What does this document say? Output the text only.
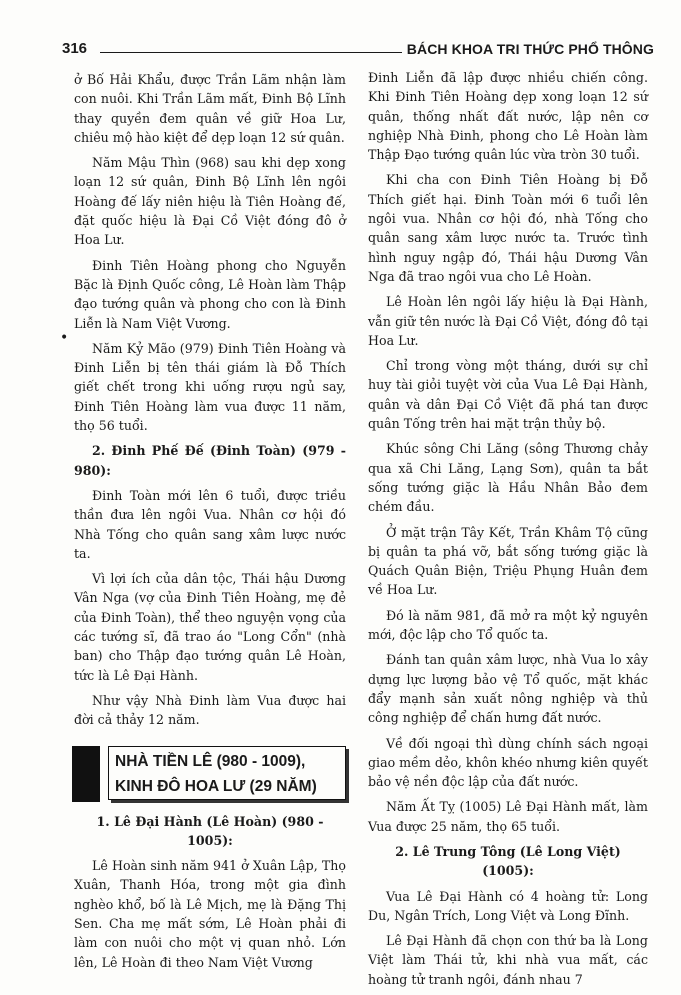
316	BÁCH KHOA TRI THỨC PHỔ THÔNG
•

ở Bố Hải Khẩu, được Trần Lãm nhận làm con nuôi. Khi Trần Lãm mất, Đinh Bộ Lĩnh thay quyền đem quân về giữ Hoa Lư, chiêu mộ hào kiệt để dẹp loạn 12 sứ quân.

Năm Mậu Thìn (968) sau khi dẹp xong loạn 12 sứ quân, Đinh Bộ Lĩnh lên ngôi Hoàng đế lấy niên hiệu là Tiên Hoàng đế, đặt quốc hiệu là Đại Cồ Việt đóng đô ở Hoa Lư.

Đinh Tiên Hoàng phong cho Nguyễn Bặc là Định Quốc công, Lê Hoàn làm Thập đạo tướng quân và phong cho con là Đinh Liễn là Nam Việt Vương.

Năm Kỷ Mão (979) Đinh Tiên Hoàng và Đinh Liễn bị tên thái giám là Đỗ Thích giết chết trong khi uống rượu ngủ say, Đinh Tiên Hoàng làm vua được 11 năm, thọ 56 tuổi.

2. Đinh Phế Đế (Đinh Toàn) (979 - 980):

Đinh Toàn mới lên 6 tuổi, được triều thần đưa lên ngôi Vua. Nhân cơ hội đó Nhà Tống cho quân sang xâm lược nước ta.

Vì lợi ích của dân tộc, Thái hậu Dương Vân Nga (vợ của Đinh Tiên Hoàng, mẹ đẻ của Đinh Toàn), thể theo nguyện vọng của các tướng sĩ, đã trao áo "Long Cổn" (nhà ban) cho Thập đạo tướng quân Lê Hoàn, tức là Lê Đại Hành.

Như vậy Nhà Đinh làm Vua được hai đời cả thảy 12 năm.

NHÀ TIỀN LÊ (980 - 1009),
KINH ĐÔ HOA LƯ (29 NĂM)

1. Lê Đại Hành (Lê Hoàn) (980 - 1005):

Lê Hoàn sinh năm 941 ở Xuân Lập, Thọ Xuân, Thanh Hóa, trong một gia đình nghèo khổ, bố là Lê Mịch, mẹ là Đặng Thị Sen. Cha mẹ mất sớm, Lê Hoàn phải đi làm con nuôi cho một vị quan nhỏ. Lớn lên, Lê Hoàn đi theo Nam Việt Vương

Đinh Liễn đã lập được nhiều chiến công. Khi Đinh Tiên Hoàng dẹp xong loạn 12 sứ quân, thống nhất đất nước, lập nên cơ nghiệp Nhà Đinh, phong cho Lê Hoàn làm Thập Đạo tướng quân lúc vừa tròn 30 tuổi.

Khi cha con Đinh Tiên Hoàng bị Đỗ Thích giết hại. Đinh Toàn mới 6 tuổi lên ngôi vua. Nhân cơ hội đó, nhà Tống cho quân sang xâm lược nước ta. Trước tình hình nguy ngập đó, Thái hậu Dương Vân Nga đã trao ngôi vua cho Lê Hoàn.

Lê Hoàn lên ngôi lấy hiệu là Đại Hành, vẫn giữ tên nước là Đại Cồ Việt, đóng đô tại Hoa Lư.

Chỉ trong vòng một tháng, dưới sự chỉ huy tài giỏi tuyệt vời của Vua Lê Đại Hành, quân và dân Đại Cồ Việt đã phá tan được quân Tống trên hai mặt trận thủy bộ.

Khúc sông Chi Lăng (sông Thương chảy qua xã Chi Lăng, Lạng Sơn), quân ta bắt sống tướng giặc là Hầu Nhân Bảo đem chém đầu.

Ở mặt trận Tây Kết, Trần Khâm Tộ cũng bị quân ta phá vỡ, bắt sống tướng giặc là Quách Quân Biện, Triệu Phụng Huân đem về Hoa Lư.

Đó là năm 981, đã mở ra một kỷ nguyên mới, độc lập cho Tổ quốc ta.

Đánh tan quân xâm lược, nhà Vua lo xây dựng lực lượng bảo vệ Tổ quốc, mặt khác đẩy mạnh sản xuất nông nghiệp và thủ công nghiệp để chấn hưng đất nước.

Về đối ngoại thì dùng chính sách ngoại giao mềm dẻo, khôn khéo nhưng kiên quyết bảo vệ nền độc lập của đất nước.

Năm Ất Tỵ (1005) Lê Đại Hành mất, làm Vua được 25 năm, thọ 65 tuổi.

2. Lê Trung Tông (Lê Long Việt) (1005):

Vua Lê Đại Hành có 4 hoàng tử: Long Du, Ngân Trích, Long Việt và Long Đĩnh.

Lê Đại Hành đã chọn con thứ ba là Long Việt làm Thái tử, khi nhà vua mất, các hoàng tử tranh ngôi, đánh nhau 7
